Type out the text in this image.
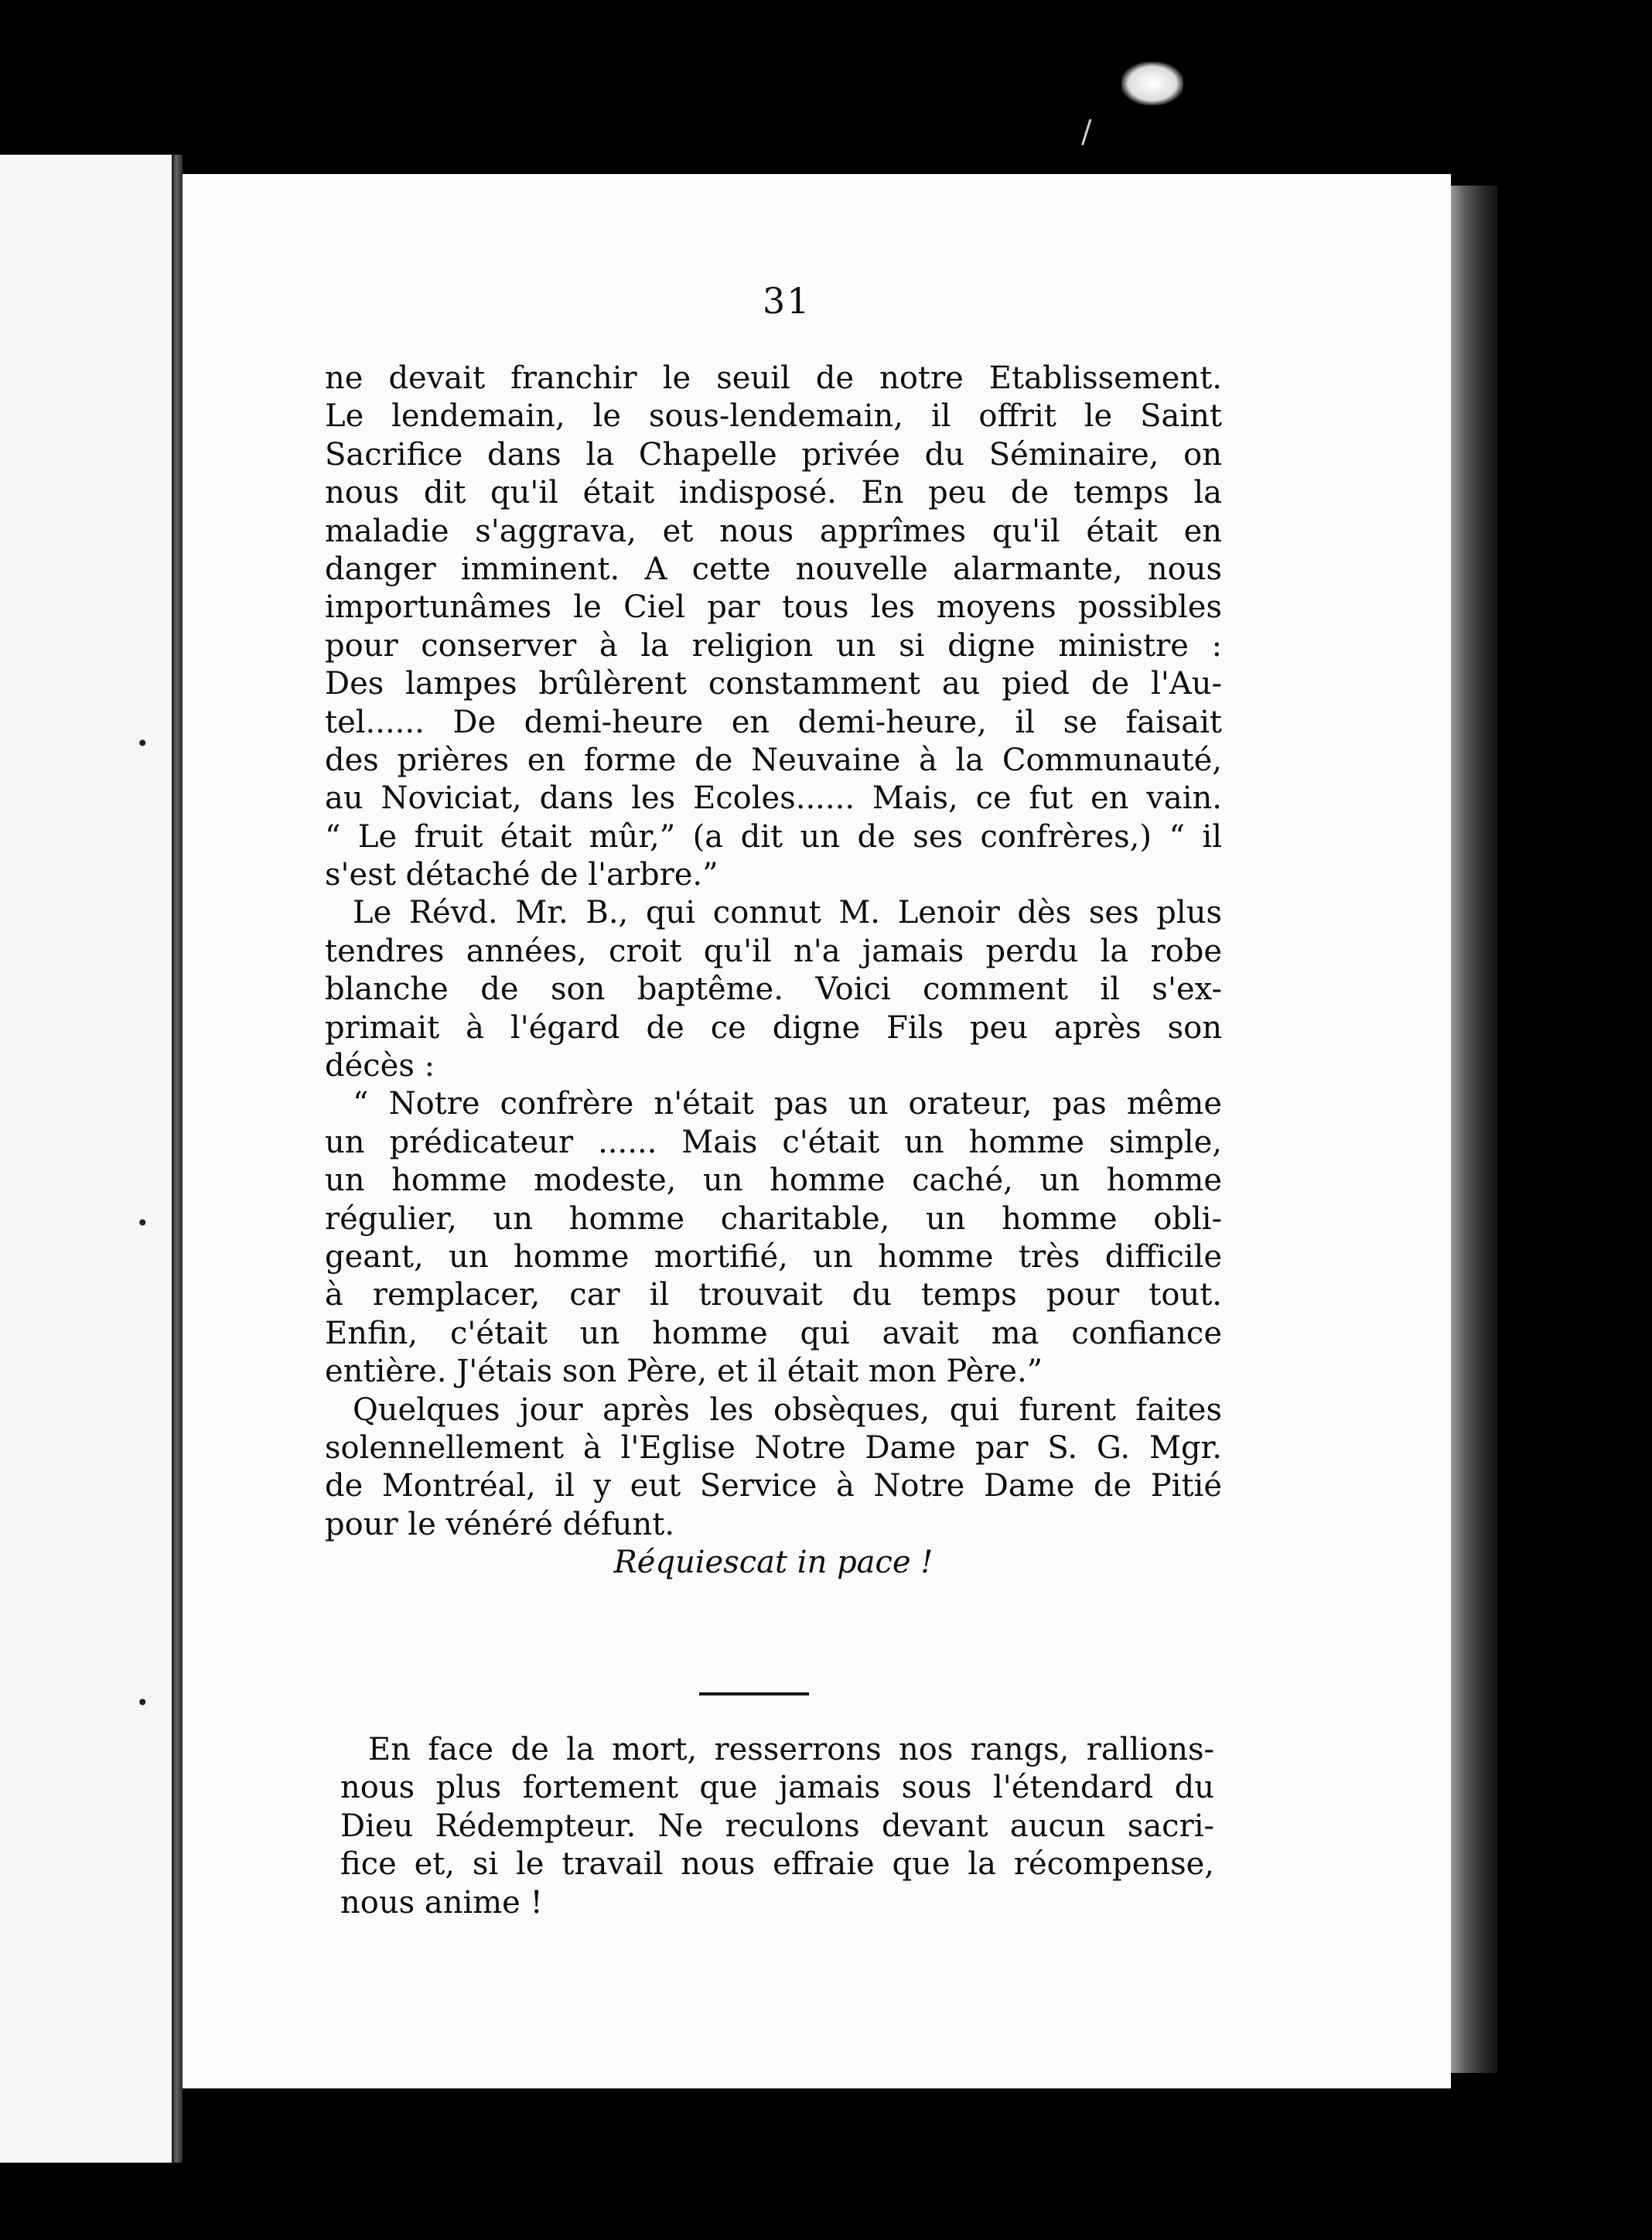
•
•
•
/
31
ne devait franchir le seuil de notre Etablissement.
Le lendemain, le sous-lendemain, il offrit le Saint
Sacrifice dans la Chapelle privée du Séminaire, on
nous dit qu'il était indisposé. En peu de temps la
maladie s'aggrava, et nous apprîmes qu'il était en
danger imminent. A cette nouvelle alarmante, nous
importunâmes le Ciel par tous les moyens possibles
pour conserver à la religion un si digne ministre :
Des lampes brûlèrent constamment au pied de l'Au-
tel...... De demi-heure en demi-heure, il se faisait
des prières en forme de Neuvaine à la Communauté,
au Noviciat, dans les Ecoles...... Mais, ce fut en vain.
“ Le fruit était mûr,” (a dit un de ses confrères,) “ il
s'est détaché de l'arbre.”
Le Révd. Mr. B., qui connut M. Lenoir dès ses plus
tendres années, croit qu'il n'a jamais perdu la robe
blanche de son baptême. Voici comment il s'ex-
primait à l'égard de ce digne Fils peu après son
décès :
“ Notre confrère n'était pas un orateur, pas même
un prédicateur ...... Mais c'était un homme simple,
un homme modeste, un homme caché, un homme
régulier, un homme charitable, un homme obli-
geant, un homme mortifié, un homme très difficile
à remplacer, car il trouvait du temps pour tout.
Enfin, c'était un homme qui avait ma confiance
entière. J'étais son Père, et il était mon Père.”
Quelques jour après les obsèques, qui furent faites
solennellement à l'Eglise Notre Dame par S. G. Mgr.
de Montréal, il y eut Service à Notre Dame de Pitié
pour le vénéré défunt.
Réquiescat in pace !
En face de la mort, resserrons nos rangs, rallions-
nous plus fortement que jamais sous l'étendard du
Dieu Rédempteur. Ne reculons devant aucun sacri-
fice et, si le travail nous effraie que la récompense,
nous anime !
